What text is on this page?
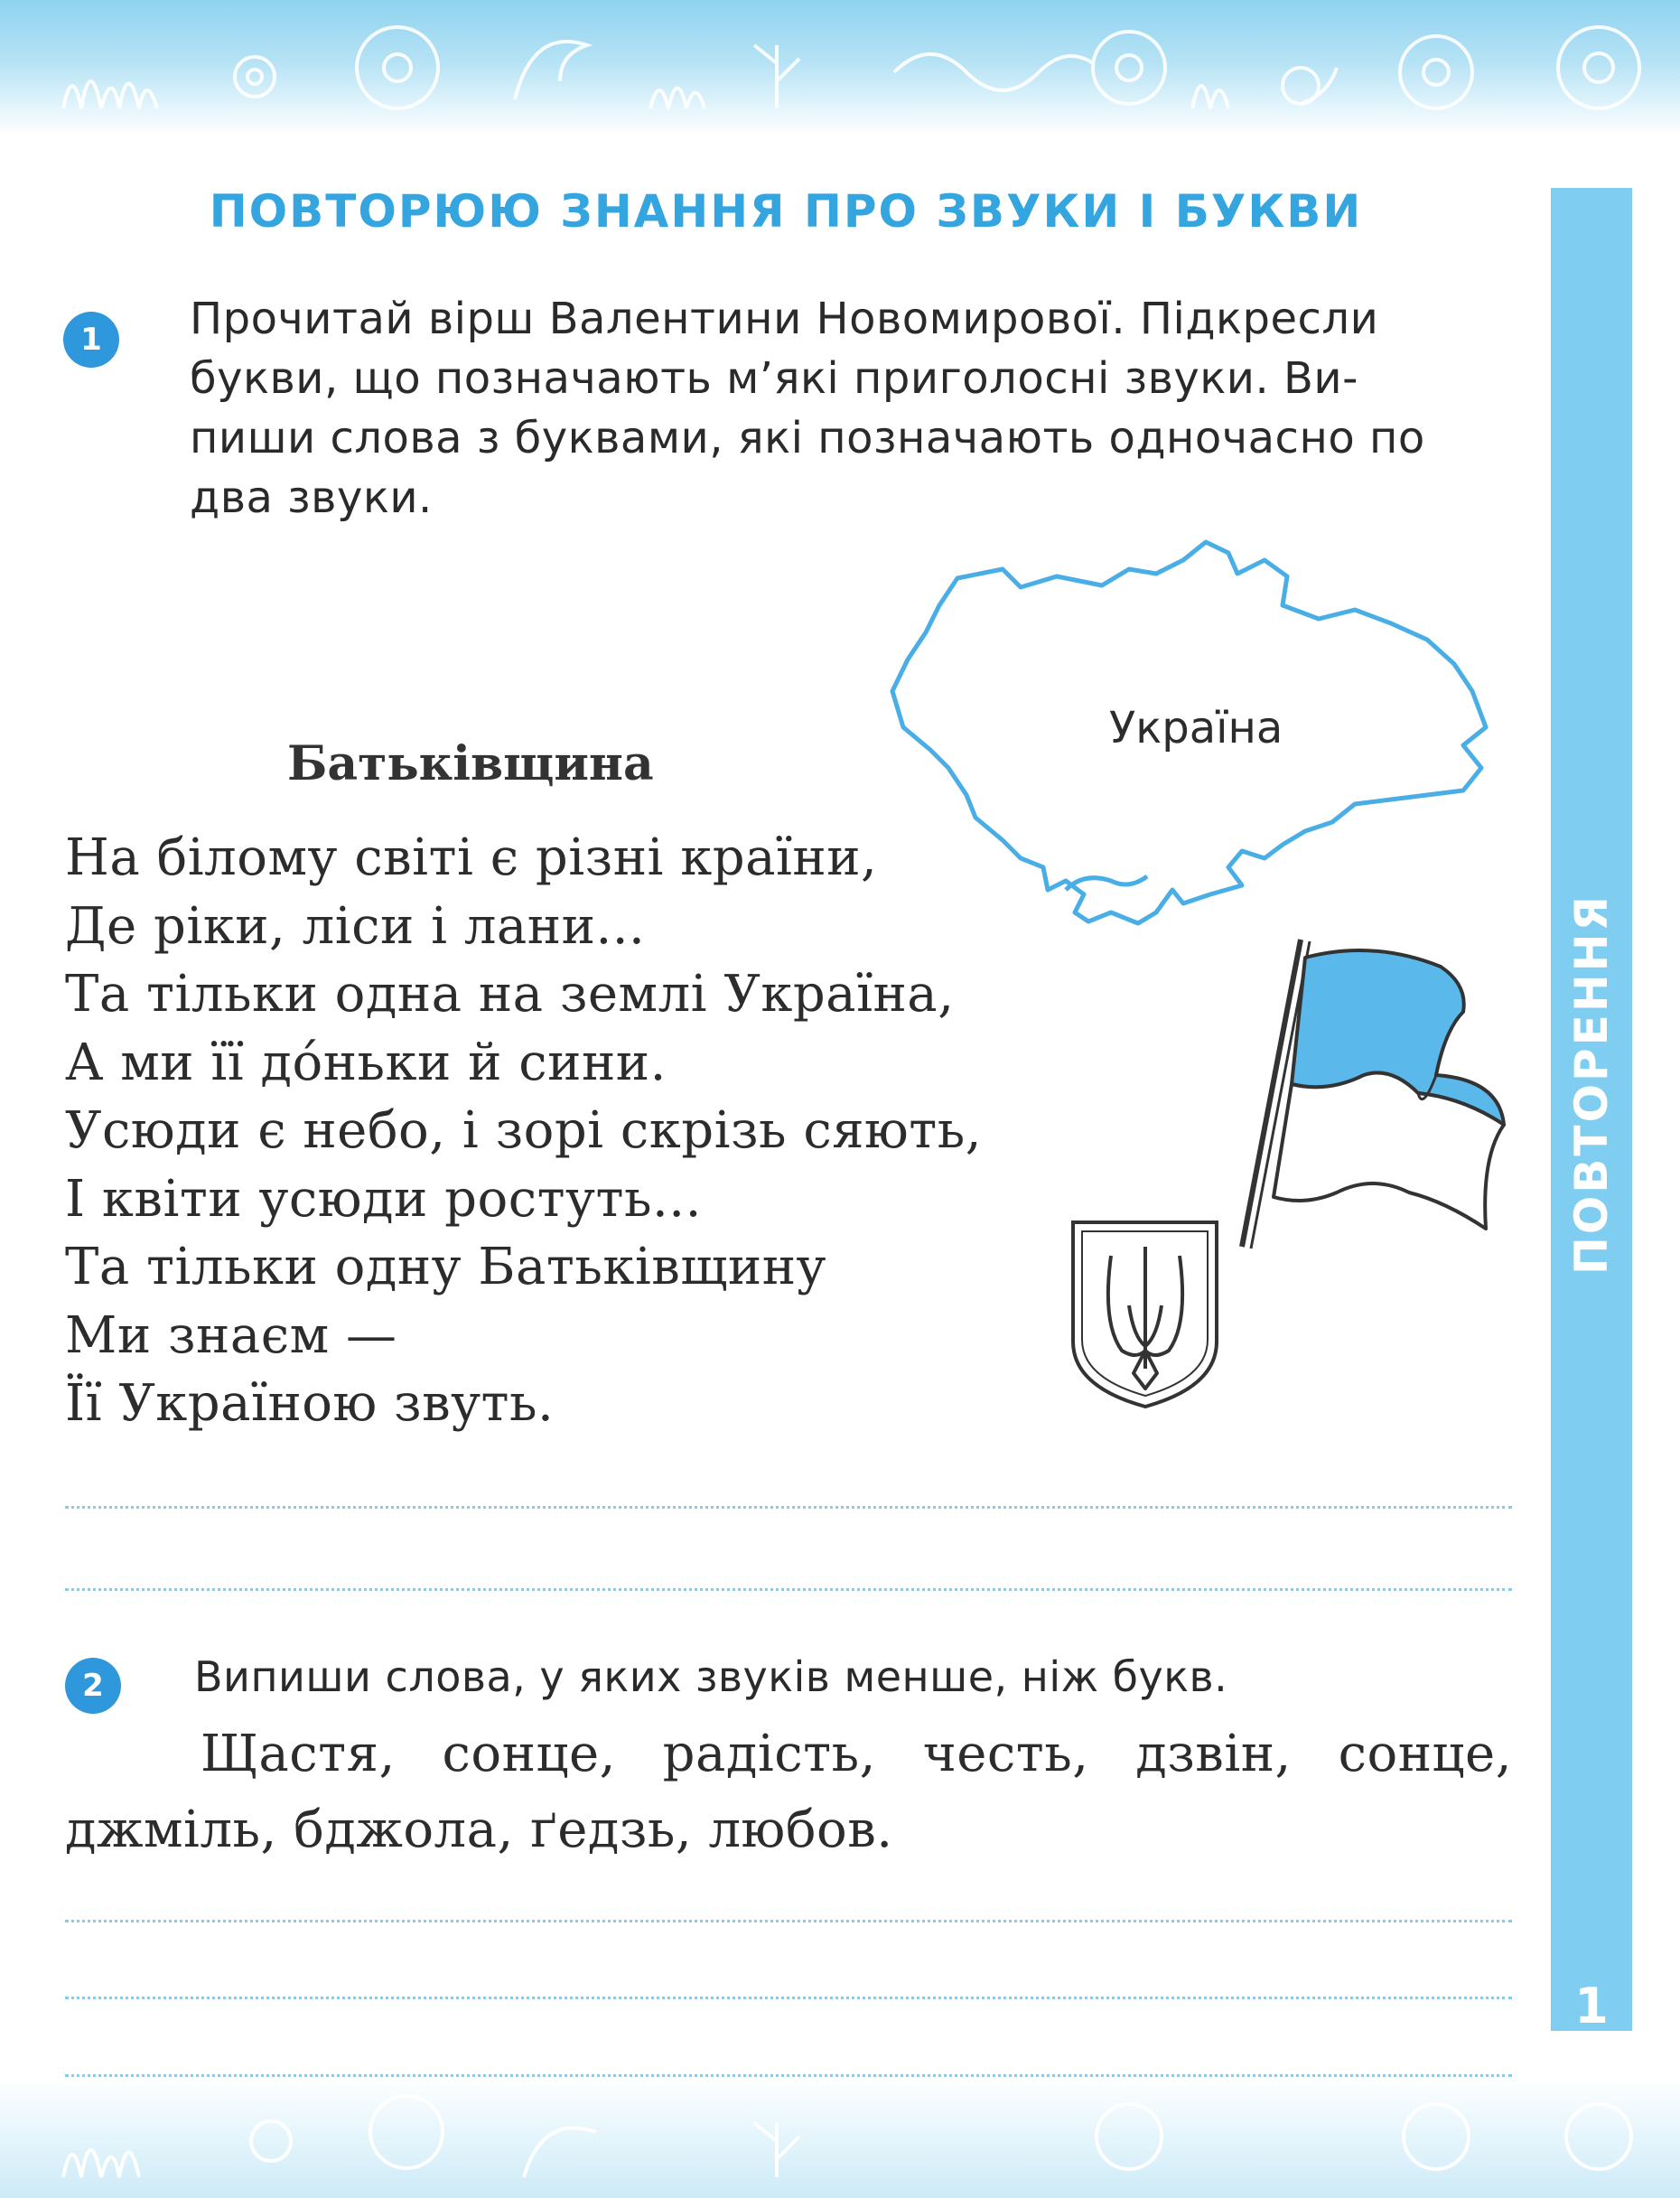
ПОВТОРЕННЯ
1
ПОВТОРЮЮ ЗНАННЯ ПРО ЗВУКИ І БУКВИ
1	Прочитай вірш Валентини Новомирової. Підкресли
букви, що позначають м’які приголосні звуки. Ви-
пиши слова з буквами, які позначають одночасно по
два звуки.
Україна
Батьківщина
На білому світі є різні країни,
Де ріки, ліси і лани...
Та тільки одна на землі Україна,
А ми її до́ньки й сини.
Усюди є небо, і зорі скрізь сяють,
І квіти усюди ростуть...
Та тільки одну Батьківщину
Ми знаєм —
Її Україною звуть.
2	Випиши слова, у яких звуків менше, ніж букв.
Щастя, сонце, радість, честь, дзвін, сонце, джміль, бджола, ґедзь, любов.
